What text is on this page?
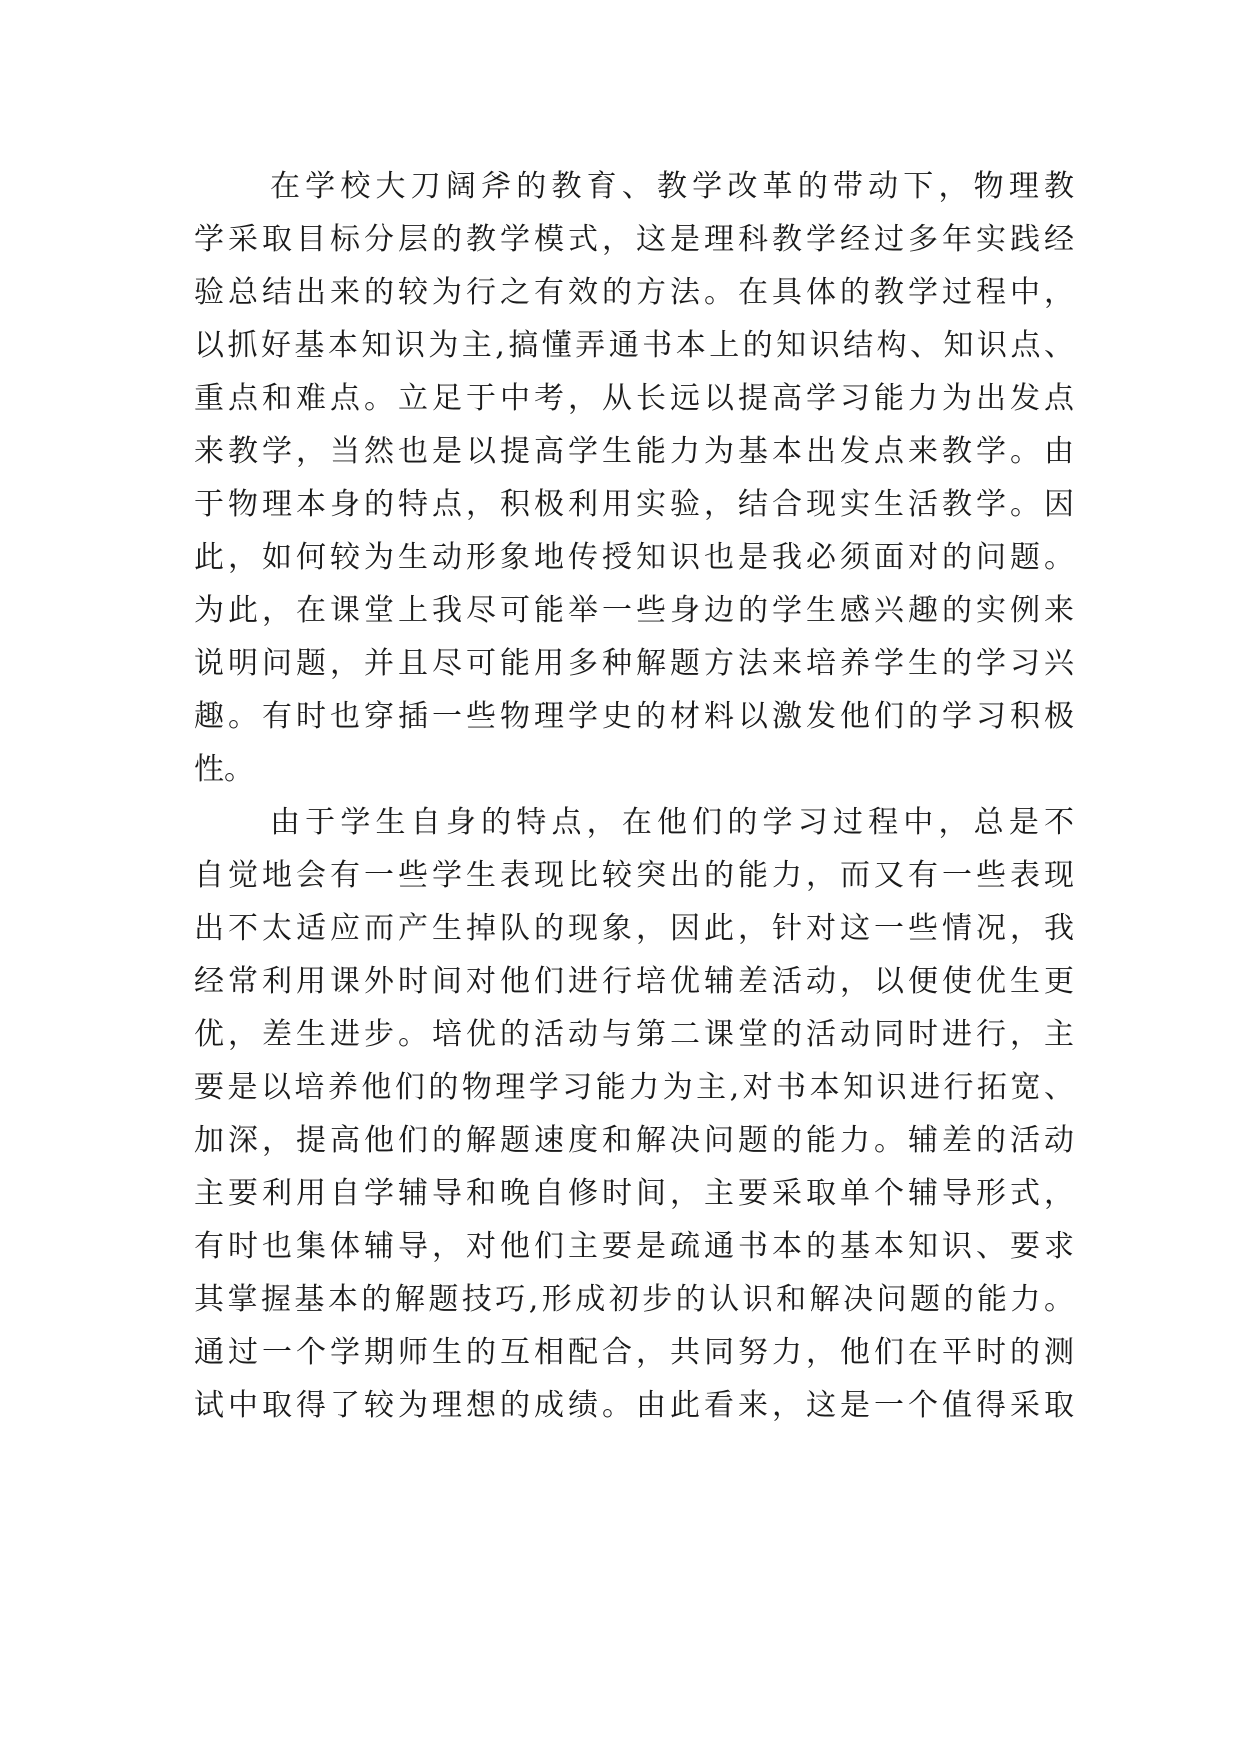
在学校大刀阔斧的教育、教学改革的带动下，物理教
学采取目标分层的教学模式，这是理科教学经过多年实践经
验总结出来的较为行之有效的方法。在具体的教学过程中，
以抓好基本知识为主,搞懂弄通书本上的知识结构、知识点、
重点和难点。立足于中考，从长远以提高学习能力为出发点
来教学，当然也是以提高学生能力为基本出发点来教学。由
于物理本身的特点，积极利用实验，结合现实生活教学。因
此，如何较为生动形象地传授知识也是我必须面对的问题。
为此，在课堂上我尽可能举一些身边的学生感兴趣的实例来
说明问题，并且尽可能用多种解题方法来培养学生的学习兴
趣。有时也穿插一些物理学史的材料以激发他们的学习积极
性。
由于学生自身的特点，在他们的学习过程中，总是不
自觉地会有一些学生表现比较突出的能力，而又有一些表现
出不太适应而产生掉队的现象，因此，针对这一些情况，我
经常利用课外时间对他们进行培优辅差活动，以便使优生更
优，差生进步。培优的活动与第二课堂的活动同时进行，主
要是以培养他们的物理学习能力为主,对书本知识进行拓宽、
加深，提高他们的解题速度和解决问题的能力。辅差的活动
主要利用自学辅导和晚自修时间，主要采取单个辅导形式，
有时也集体辅导，对他们主要是疏通书本的基本知识、要求
其掌握基本的解题技巧,形成初步的认识和解决问题的能力。
通过一个学期师生的互相配合，共同努力，他们在平时的测
试中取得了较为理想的成绩。由此看来，这是一个值得采取
